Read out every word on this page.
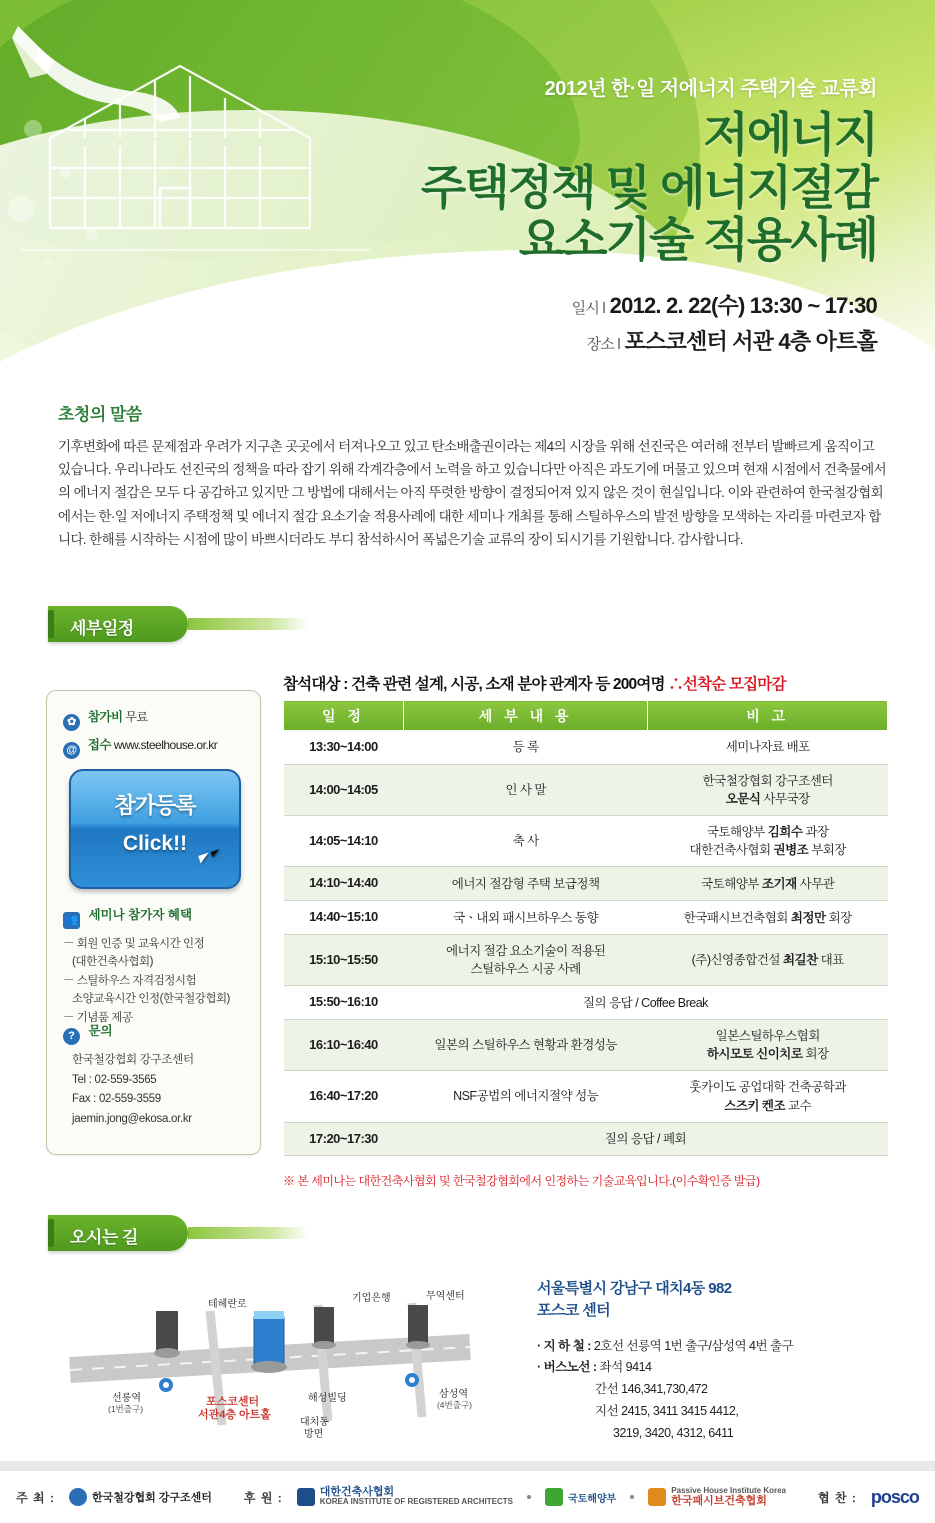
2012년 한·일 저에너지 주택기술 교류회
저에너지
주택정책 및 에너지절감
요소기술 적용사례
일시 l 2012. 2. 22(수) 13:30 ~ 17:30
장소 l 포스코센터 서관 4층 아트홀
초청의 말씀

기후변화에 따른 문제점과 우려가 지구촌 곳곳에서 터져나오고 있고 탄소배출권이라는 제4의 시장을 위해 선진국은 여러해 전부터 발빠르게 움직이고 있습니다. 우리나라도 선진국의 정책을 따라 잡기 위해 각계각층에서 노력을 하고 있습니다만 아직은 과도기에 머물고 있으며 현재 시점에서 건축물에서의 에너지 절감은 모두 다 공감하고 있지만 그 방법에 대해서는 아직 뚜렷한 방향이 결정되어져 있지 않은 것이 현실입니다. 이와 관련하여 한국철강협회에서는 한·일 저에너지 주택정책 및 에너지 절감 요소기술 적용사례에 대한 세미나 개최를 통해 스틸하우스의 발전 방향을 모색하는 자리를 마련코자 합니다. 한해를 시작하는 시점에 많이 바쁘시더라도 부디 참석하시어 폭넓은기술 교류의 장이 되시기를 기원합니다. 감사합니다.

세부일정
참석대상 : 건축 관련 설계, 시공, 소재 분야 관계자 등 200여명 ∴선착순 모집마감
일 정	세 부 내 용	비 고
13:30~14:00	등 록	세미나자료 배포
14:00~14:05	인 사 말	한국철강협회 강구조센터
오문식 사무국장
14:05~14:10	축 사	국토해양부 김희수 과장
대한건축사협회 권병조 부회장
14:10~14:40	에너지 절감형 주택 보급정책	국토해양부 조기재 사무관
14:40~15:10	국ㆍ내외 패시브하우스 동향	한국패시브건축협회 최정만 회장
15:10~15:50	에너지 절감 요소기술이 적용된
스틸하우스 시공 사례	(주)신영종합건설 최길찬 대표
15:50~16:10	질의 응답 / Coffee Break	
16:10~16:40	일본의 스틸하우스 현황과 환경성능	일본스틸하우스협회
하시모토 신이치로 회장
16:40~17:20	NSF공법의 에너지절약 성능	훗카이도 공업대학 건축공학과
스즈키 켄조 교수
17:20~17:30	질의 응답 / 폐회	
※ 본 세미나는 대한건축사협회 및 한국철강협회에서 인정하는 기술교육입니다.(이수확인증 발급)
✿ 참가비 무료
@ 접수 www.steelhouse.or.kr
참가등록
Click!!
👥 세미나 참가자 혜택
－ 회원 인증 및 교육시간 인정
(대한건축사협회)
－ 스틸하우스 자격검정시험
소양교육시간 인정(한국철강협회)
－ 기념품 제공
? 문의
한국철강협회 강구조센터
Tel : 02-559-3565
Fax : 02-559-3559
jaemin.jong@ekosa.or.kr
오시는 길
테헤란로
기업은행	무역센터
선릉역
(1번출구)
포스코센터
서관4층 아트홀
해성빌딩
대치동
방면
삼성역
(4번출구)
서울특별시 강남구 대치4동 982
포스코 센터
· 지 하 철 : 2호선 선릉역 1번 출구/삼성역 4번 출구
· 버스노선 : 좌석 9414
간선 146,341,730,472
지선 2415, 3411 3415 4412,
3219, 3420, 4312, 6411
주 최 :	한국철강협회 강구조센터	후 원 :	대한건축사협회
KOREA INSTITUTE OF REGISTERED ARCHITECTS	국토해양부
Passive House Institute Korea
한국패시브건축협회	협 찬 : posco
